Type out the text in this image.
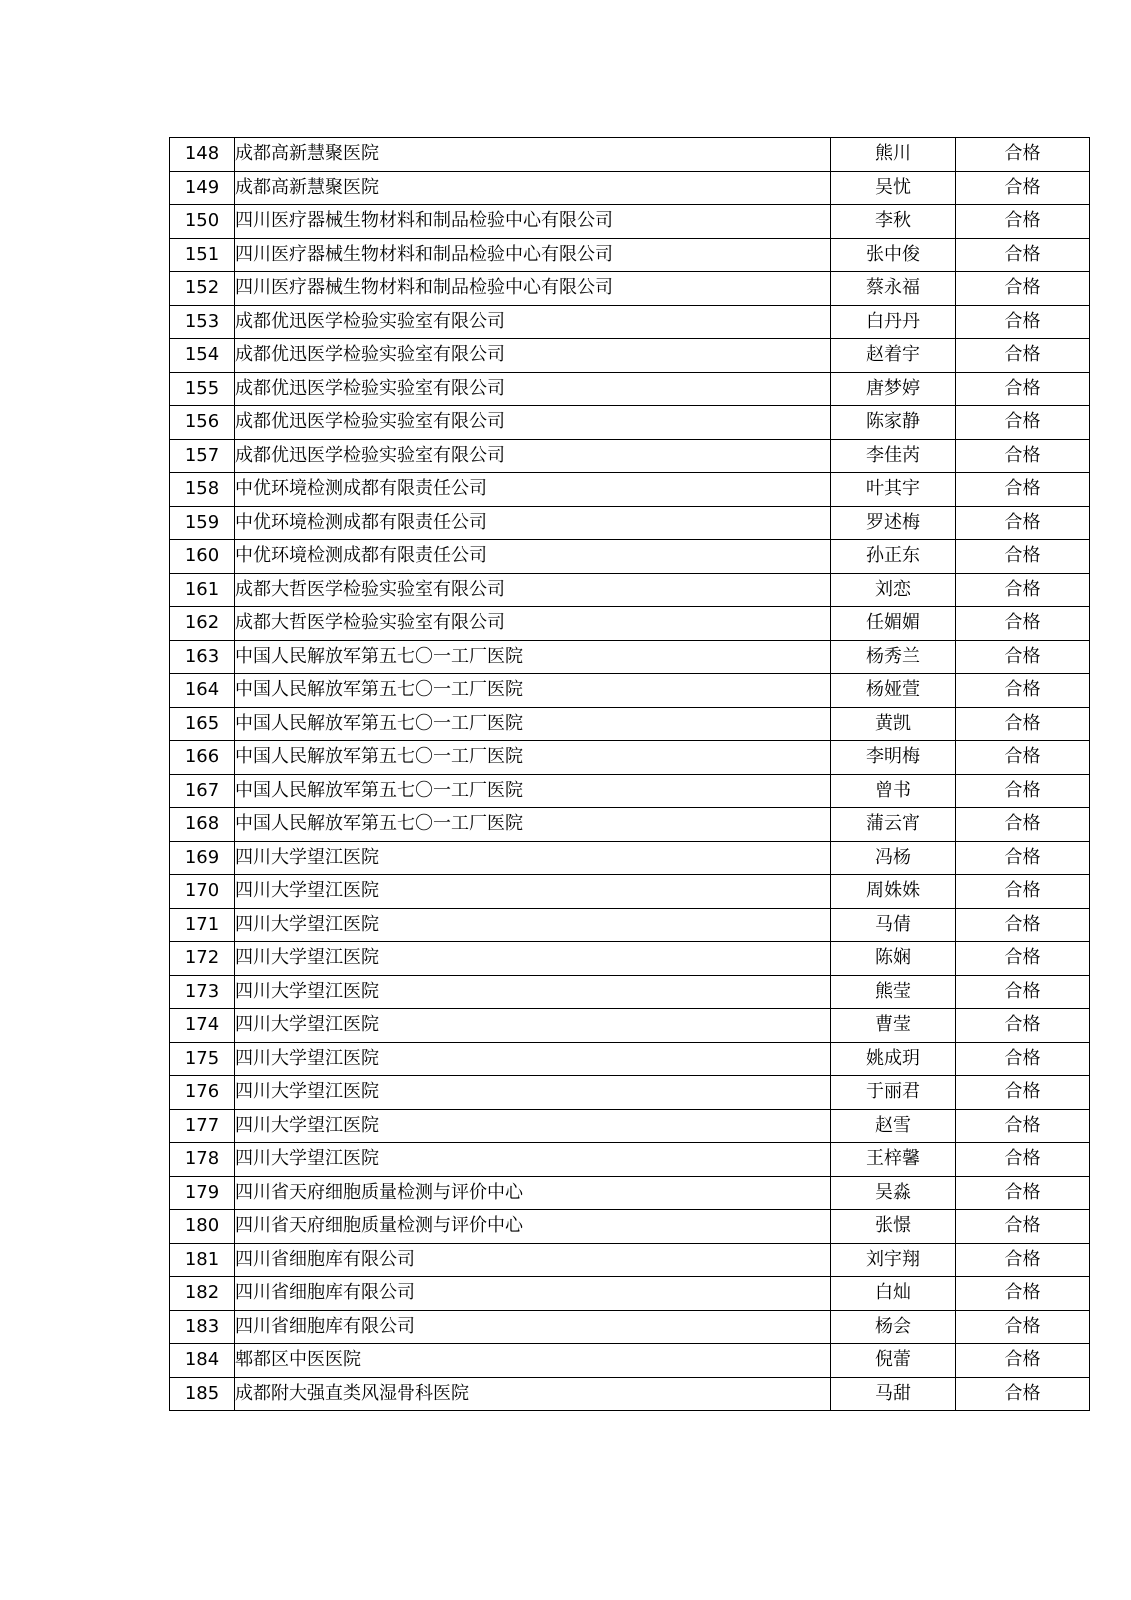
148	成都高新慧聚医院	熊川	合格
149	成都高新慧聚医院	吴忧	合格
150	四川医疗器械生物材料和制品检验中心有限公司	李秋	合格
151	四川医疗器械生物材料和制品检验中心有限公司	张中俊	合格
152	四川医疗器械生物材料和制品检验中心有限公司	蔡永福	合格
153	成都优迅医学检验实验室有限公司	白丹丹	合格
154	成都优迅医学检验实验室有限公司	赵着宇	合格
155	成都优迅医学检验实验室有限公司	唐梦婷	合格
156	成都优迅医学检验实验室有限公司	陈家静	合格
157	成都优迅医学检验实验室有限公司	李佳芮	合格
158	中优环境检测成都有限责任公司	叶其宇	合格
159	中优环境检测成都有限责任公司	罗述梅	合格
160	中优环境检测成都有限责任公司	孙正东	合格
161	成都大哲医学检验实验室有限公司	刘恋	合格
162	成都大哲医学检验实验室有限公司	任媚媚	合格
163	中国人民解放军第五七〇一工厂医院	杨秀兰	合格
164	中国人民解放军第五七〇一工厂医院	杨娅萱	合格
165	中国人民解放军第五七〇一工厂医院	黄凯	合格
166	中国人民解放军第五七〇一工厂医院	李明梅	合格
167	中国人民解放军第五七〇一工厂医院	曾书	合格
168	中国人民解放军第五七〇一工厂医院	蒲云宵	合格
169	四川大学望江医院	冯杨	合格
170	四川大学望江医院	周姝姝	合格
171	四川大学望江医院	马倩	合格
172	四川大学望江医院	陈娴	合格
173	四川大学望江医院	熊莹	合格
174	四川大学望江医院	曹莹	合格
175	四川大学望江医院	姚成玥	合格
176	四川大学望江医院	于丽君	合格
177	四川大学望江医院	赵雪	合格
178	四川大学望江医院	王梓馨	合格
179	四川省天府细胞质量检测与评价中心	吴淼	合格
180	四川省天府细胞质量检测与评价中心	张憬	合格
181	四川省细胞库有限公司	刘宇翔	合格
182	四川省细胞库有限公司	白灿	合格
183	四川省细胞库有限公司	杨会	合格
184	郫都区中医医院	倪蕾	合格
185	成都附大强直类风湿骨科医院	马甜	合格
